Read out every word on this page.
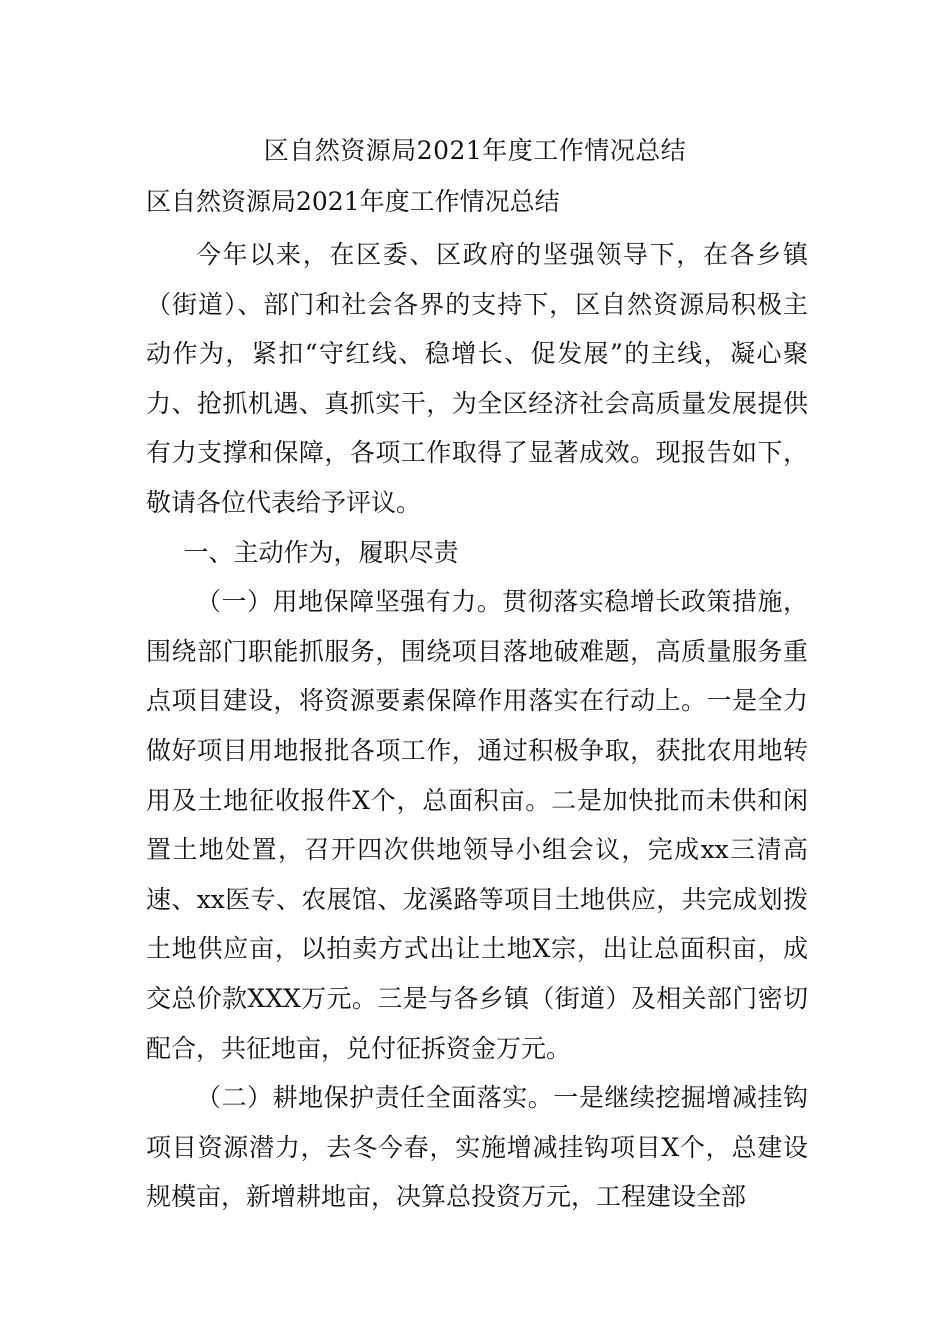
区自然资源局2021年度工作情况总结
区自然资源局2021年度工作情况总结

今年以来，在区委、区政府的坚强领导下，在各乡镇（街道）、部门和社会各界的支持下，区自然资源局积极主动作为，紧扣“守红线、稳增长、促发展”的主线，凝心聚力、抢抓机遇、真抓实干，为全区经济社会高质量发展提供有力支撑和保障，各项工作取得了显著成效。现报告如下，敬请各位代表给予评议。

一、主动作为，履职尽责

（一）用地保障坚强有力。贯彻落实稳增长政策措施，围绕部门职能抓服务，围绕项目落地破难题，高质量服务重点项目建设，将资源要素保障作用落实在行动上。一是全力做好项目用地报批各项工作，通过积极争取，获批农用地转用及土地征收报件X个，总面积亩。二是加快批而未供和闲置土地处置，召开四次供地领导小组会议，完成xx三清高速、xx医专、农展馆、龙溪路等项目土地供应，共完成划拨土地供应亩，以拍卖方式出让土地X宗，出让总面积亩，成交总价款XXX万元。三是与各乡镇（街道）及相关部门密切配合，共征地亩，兑付征拆资金万元。

（二）耕地保护责任全面落实。一是继续挖掘增减挂钩项目资源潜力，去冬今春，实施增减挂钩项目X个，总建设规模亩，新增耕地亩，决算总投资万元，工程建设全部
